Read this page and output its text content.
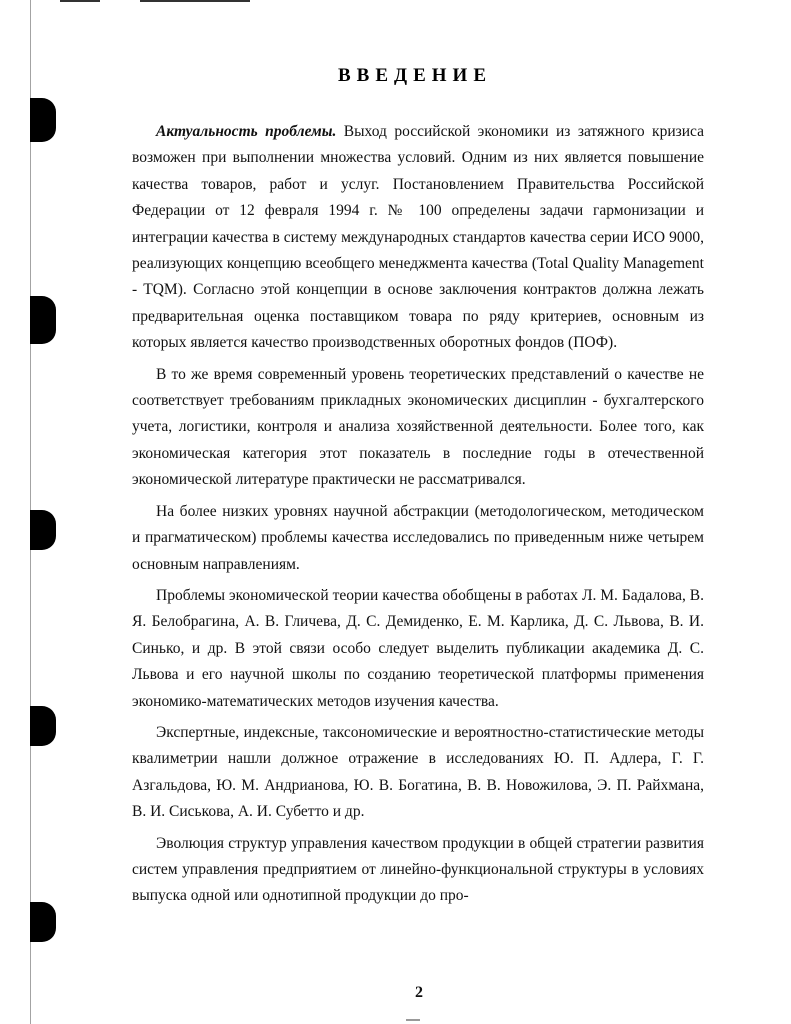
ВВЕДЕНИЕ

Актуальность проблемы. Выход российской экономики из затяжного кризиса возможен при выполнении множества условий. Одним из них является повышение качества товаров, работ и услуг. Постановлением Правительства Российской Федерации от 12 февраля 1994 г. № 100 определены задачи гармонизации и интеграции качества в систему международных стандартов качества серии ИСО 9000, реализующих концепцию всеобщего менеджмента качества (Total Quality Management - TQM). Согласно этой концепции в основе заключения контрактов должна лежать предварительная оценка поставщиком товара по ряду критериев, основным из которых является качество производственных оборотных фондов (ПОФ).

В то же время современный уровень теоретических представлений о качестве не соответствует требованиям прикладных экономических дисциплин - бухгалтерского учета, логистики, контроля и анализа хозяйственной деятельности. Более того, как экономическая категория этот показатель в последние годы в отечественной экономической литературе практически не рассматривался.

На более низких уровнях научной абстракции (методологическом, методическом и прагматическом) проблемы качества исследовались по приведенным ниже четырем основным направлениям.

Проблемы экономической теории качества обобщены в работах Л. М. Бадалова, В. Я. Белобрагина, А. В. Гличева, Д. С. Демиденко, Е. М. Карлика, Д. С. Львова, В. И. Синько, и др. В этой связи особо следует выделить публикации академика Д. С. Львова и его научной школы по созданию теоретической платформы применения экономико-математических методов изучения качества.

Экспертные, индексные, таксономические и вероятностно-статистические методы квалиметрии нашли должное отражение в исследованиях Ю. П. Адлера, Г. Г. Азгальдова, Ю. М. Андрианова, Ю. В. Богатина, В. В. Новожилова, Э. П. Райхмана, В. И. Сиськова, А. И. Субетто и др.

Эволюция структур управления качеством продукции в общей стратегии развития систем управления предприятием от линейно-функциональной структуры в условиях выпуска одной или однотипной продукции до про-

2
